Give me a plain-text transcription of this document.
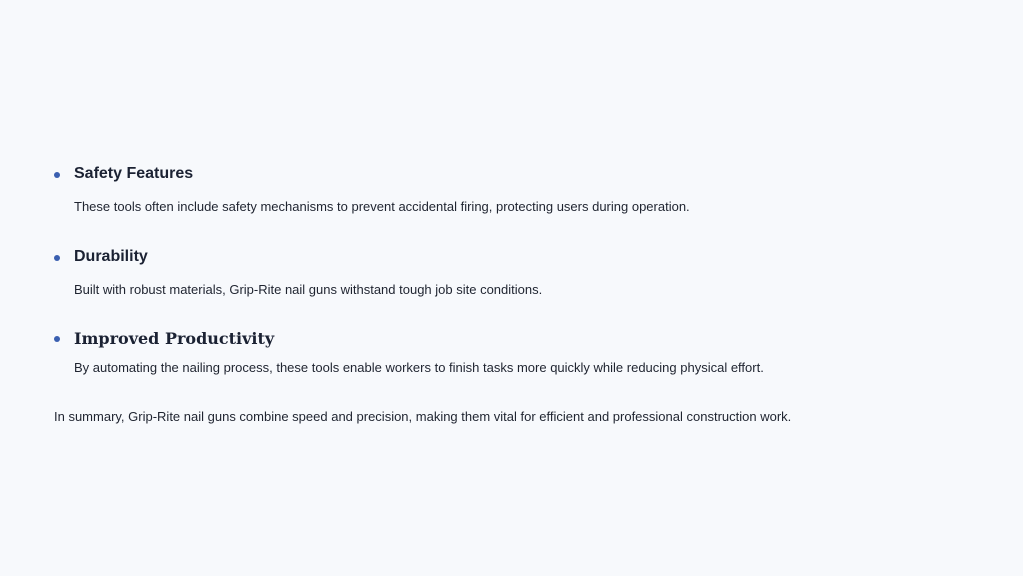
Safety Features
These tools often include safety mechanisms to prevent accidental firing, protecting users during operation.
Durability
Built with robust materials, Grip-Rite nail guns withstand tough job site conditions.
Improved Productivity
By automating the nailing process, these tools enable workers to finish tasks more quickly while reducing physical effort.

In summary, Grip-Rite nail guns combine speed and precision, making them vital for efficient and professional construction work.
